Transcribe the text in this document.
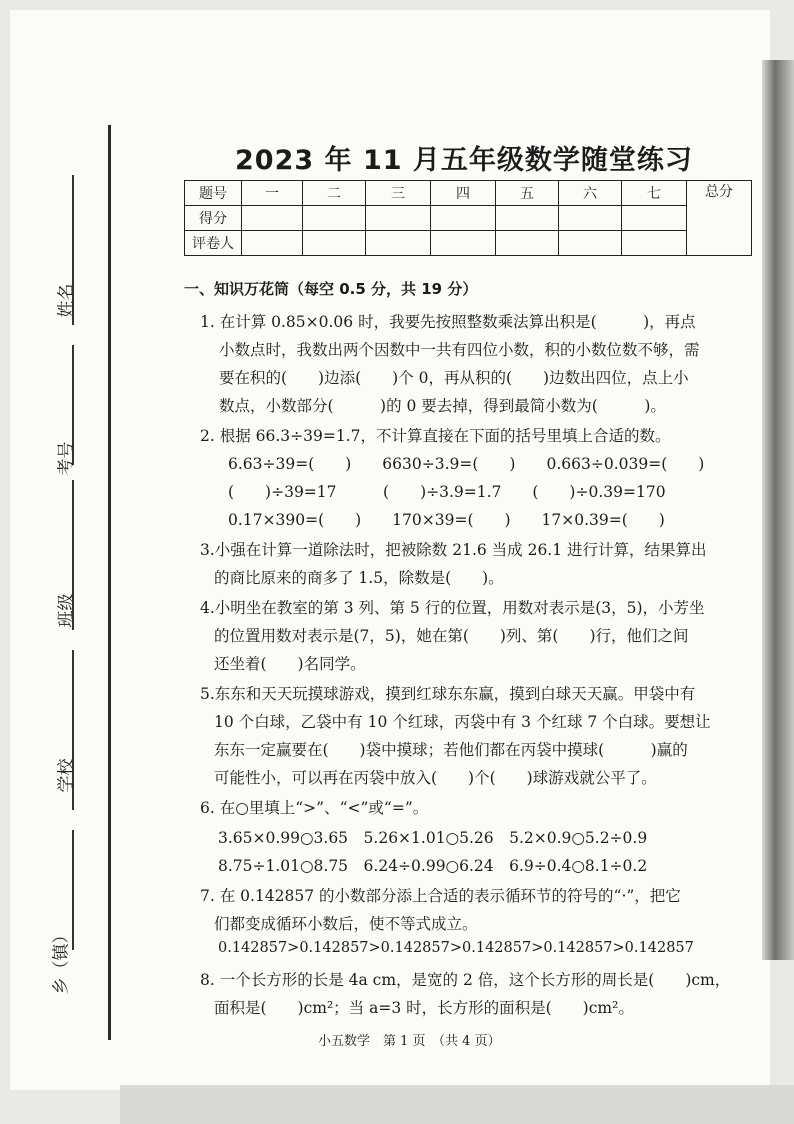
姓名
考号
班级
学校
乡（镇）
2023 年 11 月五年级数学随堂练习
题号	一	二	三	四	五	六	七	总分
得分								
评卷人								
一、知识万花筒（每空 0.5 分，共 19 分）
1. 在计算 0.85×0.06 时，我要先按照整数乘法算出积是(　　　)，再点
小数点时，我数出两个因数中一共有四位小数，积的小数位数不够，需
要在积的(　　)边添(　　)个 0，再从积的(　　)边数出四位，点上小
数点，小数部分(　　　)的 0 要去掉，得到最简小数为(　　　)。
2. 根据 66.3÷39=1.7，不计算直接在下面的括号里填上合适的数。
6.63÷39=(　　)　　6630÷3.9=(　　)　　0.663÷0.039=(　　)
(　　)÷39=17　　　(　　)÷3.9=1.7　　(　　)÷0.39=170
0.17×390=(　　)　　170×39=(　　)　　17×0.39=(　　)
3.小强在计算一道除法时，把被除数 21.6 当成 26.1 进行计算，结果算出
的商比原来的商多了 1.5，除数是(　　)。
4.小明坐在教室的第 3 列、第 5 行的位置，用数对表示是(3，5)，小芳坐
的位置用数对表示是(7，5)，她在第(　　)列、第(　　)行，他们之间
还坐着(　　)名同学。
5.东东和天天玩摸球游戏，摸到红球东东赢，摸到白球天天赢。甲袋中有
10 个白球，乙袋中有 10 个红球，丙袋中有 3 个红球 7 个白球。要想让
东东一定赢要在(　　)袋中摸球；若他们都在丙袋中摸球(　　　)赢的
可能性小，可以再在丙袋中放入(　　)个(　　)球游戏就公平了。
6. 在○里填上“>”、“<”或“=”。
3.65×0.99○3.65　5.26×1.01○5.26　5.2×0.9○5.2÷0.9
8.75÷1.01○8.75　6.24÷0.99○6.24　6.9÷0.4○8.1÷0.2
7. 在 0.142857 的小数部分添上合适的表示循环节的符号的“·”，把它
们都变成循环小数后，使不等式成立。
0.142857>0.142857>0.142857>0.142857>0.142857>0.142857
8. 一个长方形的长是 4a cm，是宽的 2 倍，这个长方形的周长是(　　)cm，
面积是(　　)cm²；当 a=3 时，长方形的面积是(　　)cm²。
小五数学　第 1 页　（共 4 页）
